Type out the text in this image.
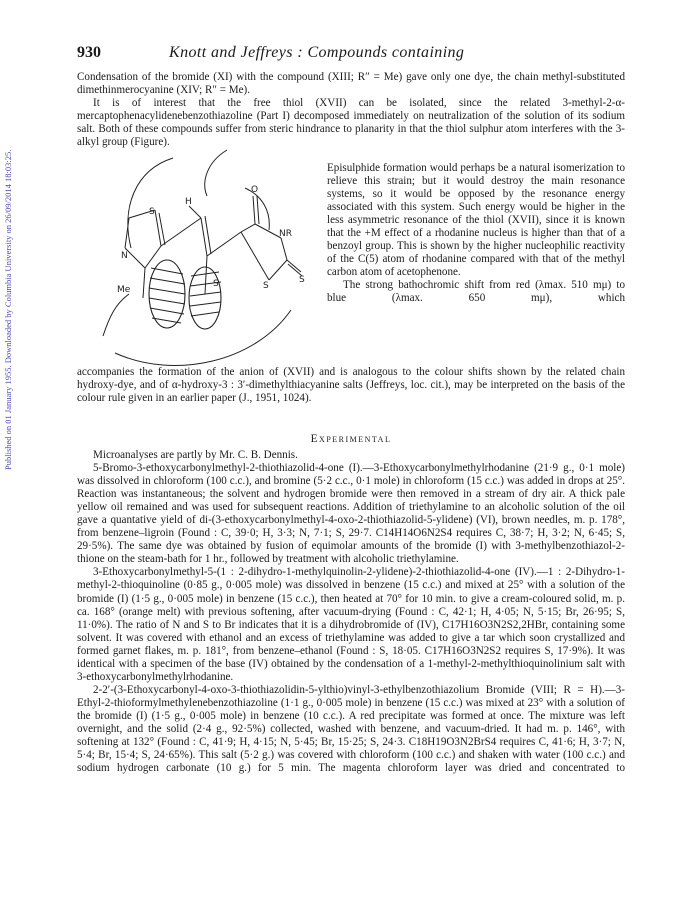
Published on 01 January 1955. Downloaded by Columbia University on 26/09/2014 18:03:25.
930	Knott and Jeffreys : Compounds containing

Condensation of the bromide (XI) with the compound (XIII; R″ = Me) gave only one dye, the chain methyl-substituted dimethinmerocyanine (XIV; R″ = Me).

It is of interest that the free thiol (XVII) can be isolated, since the related 3-methyl-2-α-mercaptophenacylidenebenzothiazoline (Part I) decomposed immediately on neutralization of the solution of its sodium salt. Both of these compounds suffer from steric hindrance to planarity in that the thiol sulphur atom interferes with the 3-alkyl group (Figure).

Episulphide formation would perhaps be a natural isomerization to relieve this strain; but it would destroy the main resonance systems, so it would be opposed by the resonance energy associated with this system. Such energy would be higher in the less asymmetric resonance of the thiol (XVII), since it is known that the +M effect of a rhodanine nucleus is higher than that of a benzoyl group. This is shown by the higher nucleophilic reactivity of the C(5) atom of rhodanine compared with that of the methyl carbon atom of acetophenone.

The strong bathochromic shift from red (λmax. 510 mμ) to blue (λmax. 650 mμ), which

S
H
O
NR
N
S	S
S
Me

accompanies the formation of the anion of (XVII) and is analogous to the colour shifts shown by the related chain hydroxy-dye, and of α-hydroxy-3 : 3′-dimethylthiacyanine salts (Jeffreys, loc. cit.), may be interpreted on the basis of the colour rule given in an earlier paper (J., 1951, 1024).

Experimental

Microanalyses are partly by Mr. C. B. Dennis.

5-Bromo-3-ethoxycarbonylmethyl-2-thiothiazolid-4-one (I).—3-Ethoxycarbonylmethylrhodanine (21·9 g., 0·1 mole) was dissolved in chloroform (100 c.c.), and bromine (5·2 c.c., 0·1 mole) in chloroform (15 c.c.) was added in drops at 25°. Reaction was instantaneous; the solvent and hydrogen bromide were then removed in a stream of dry air. A thick pale yellow oil remained and was used for subsequent reactions. Addition of triethylamine to an alcoholic solution of the oil gave a quantative yield of di-(3-ethoxycarbonylmethyl-4-oxo-2-thiothiazolid-5-ylidene) (VI), brown needles, m. p. 178°, from benzene–ligroin (Found : C, 39·0; H, 3·3; N, 7·1; S, 29·7. C14H14O6N2S4 requires C, 38·7; H, 3·2; N, 6·45; S, 29·5%). The same dye was obtained by fusion of equimolar amounts of the bromide (I) with 3-methylbenzothiazol-2-thione on the steam-bath for 1 hr., followed by treatment with alcoholic triethylamine.

3-Ethoxycarbonylmethyl-5-(1 : 2-dihydro-1-methylquinolin-2-ylidene)-2-thiothiazolid-4-one (IV).—1 : 2-Dihydro-1-methyl-2-thioquinoline (0·85 g., 0·005 mole) was dissolved in benzene (15 c.c.) and mixed at 25° with a solution of the bromide (I) (1·5 g., 0·005 mole) in benzene (15 c.c.), then heated at 70° for 10 min. to give a cream-coloured solid, m. p. ca. 168° (orange melt) with previous softening, after vacuum-drying (Found : C, 42·1; H, 4·05; N, 5·15; Br, 26·95; S, 11·0%). The ratio of N and S to Br indicates that it is a dihydrobromide of (IV), C17H16O3N2S2,2HBr, containing some solvent. It was covered with ethanol and an excess of triethylamine was added to give a tar which soon crystallized and formed garnet flakes, m. p. 181°, from benzene–ethanol (Found : S, 18·05. C17H16O3N2S2 requires S, 17·9%). It was identical with a specimen of the base (IV) obtained by the condensation of a 1-methyl-2-methylthioquinolinium salt with 3-ethoxycarbonylmethylrhodanine.

2-2′-(3-Ethoxycarbonyl-4-oxo-3-thiothiazolidin-5-ylthio)vinyl-3-ethylbenzothiazolium Bromide (VIII; R = H).—3-Ethyl-2-thioformylmethylenebenzothiazoline (1·1 g., 0·005 mole) in benzene (15 c.c.) was mixed at 23° with a solution of the bromide (I) (1·5 g., 0·005 mole) in benzene (10 c.c.). A red precipitate was formed at once. The mixture was left overnight, and the solid (2·4 g., 92·5%) collected, washed with benzene, and vacuum-dried. It had m. p. 146°, with softening at 132° (Found : C, 41·9; H, 4·15; N, 5·45; Br, 15·25; S, 24·3. C18H19O3N2BrS4 requires C, 41·6; H, 3·7; N, 5·4; Br, 15·4; S, 24·65%). This salt (5·2 g.) was covered with chloroform (100 c.c.) and shaken with water (100 c.c.) and sodium hydrogen carbonate (10 g.) for 5 min. The magenta chloroform layer was dried and concentrated to
